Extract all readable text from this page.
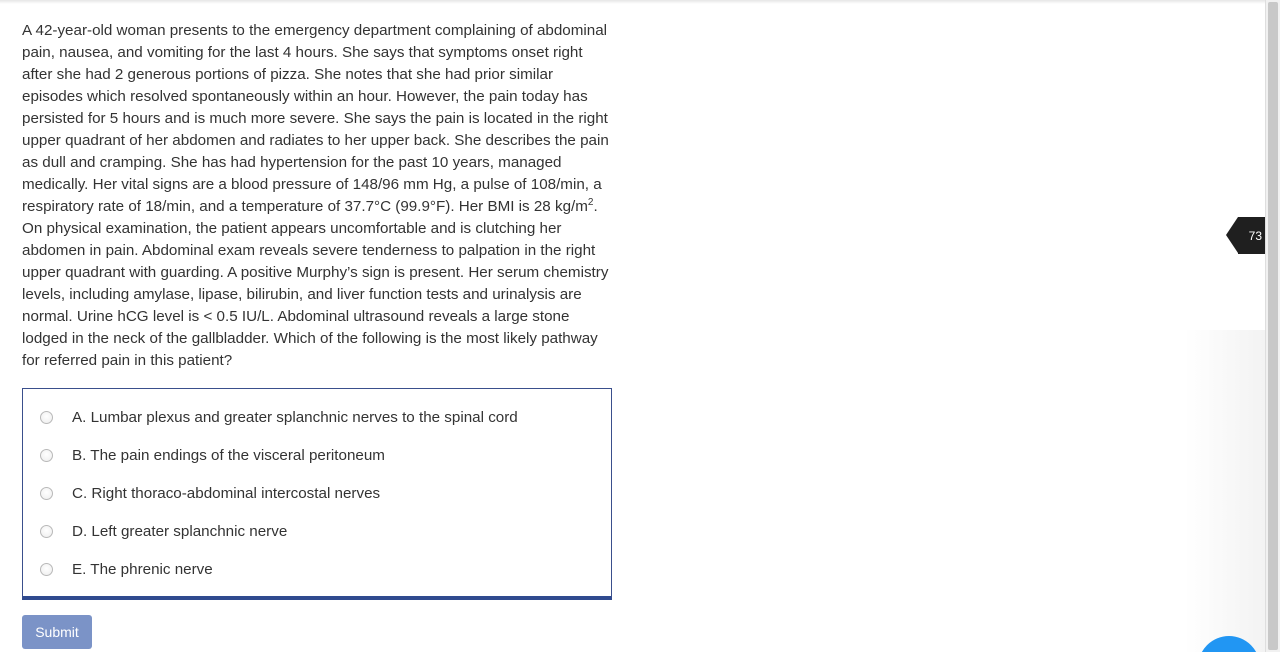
A 42-year-old woman presents to the emergency department complaining of abdominal pain, nausea, and vomiting for the last 4 hours. She says that symptoms onset right after she had 2 generous portions of pizza. She notes that she had prior similar episodes which resolved spontaneously within an hour. However, the pain today has persisted for 5 hours and is much more severe. She says the pain is located in the right upper quadrant of her abdomen and radiates to her upper back. She describes the pain as dull and cramping. She has had hypertension for the past 10 years, managed medically. Her vital signs are a blood pressure of 148/96 mm Hg, a pulse of 108/min, a respiratory rate of 18/min, and a temperature of 37.7°C (99.9°F). Her BMI is 28 $kg/m^2$. On physical examination, the patient appears uncomfortable and is clutching her abdomen in pain. Abdominal exam reveals severe tenderness to palpation in the right upper quadrant with guarding. A positive Murphy’s sign is present. Her serum chemistry levels, including amylase, lipase, bilirubin, and liver function tests and urinalysis are normal. Urine hCG level is < 0.5 IU/L. Abdominal ultrasound reveals a large stone lodged in the neck of the gallbladder. Which of the following is the most likely pathway for referred pain in this patient?

A. Lumbar plexus and greater splanchnic nerves to the spinal cord
B. The pain endings of the visceral peritoneum
C. Right thoraco-abdominal intercostal nerves
D. Left greater splanchnic nerve
E. The phrenic nerve
Submit
73
